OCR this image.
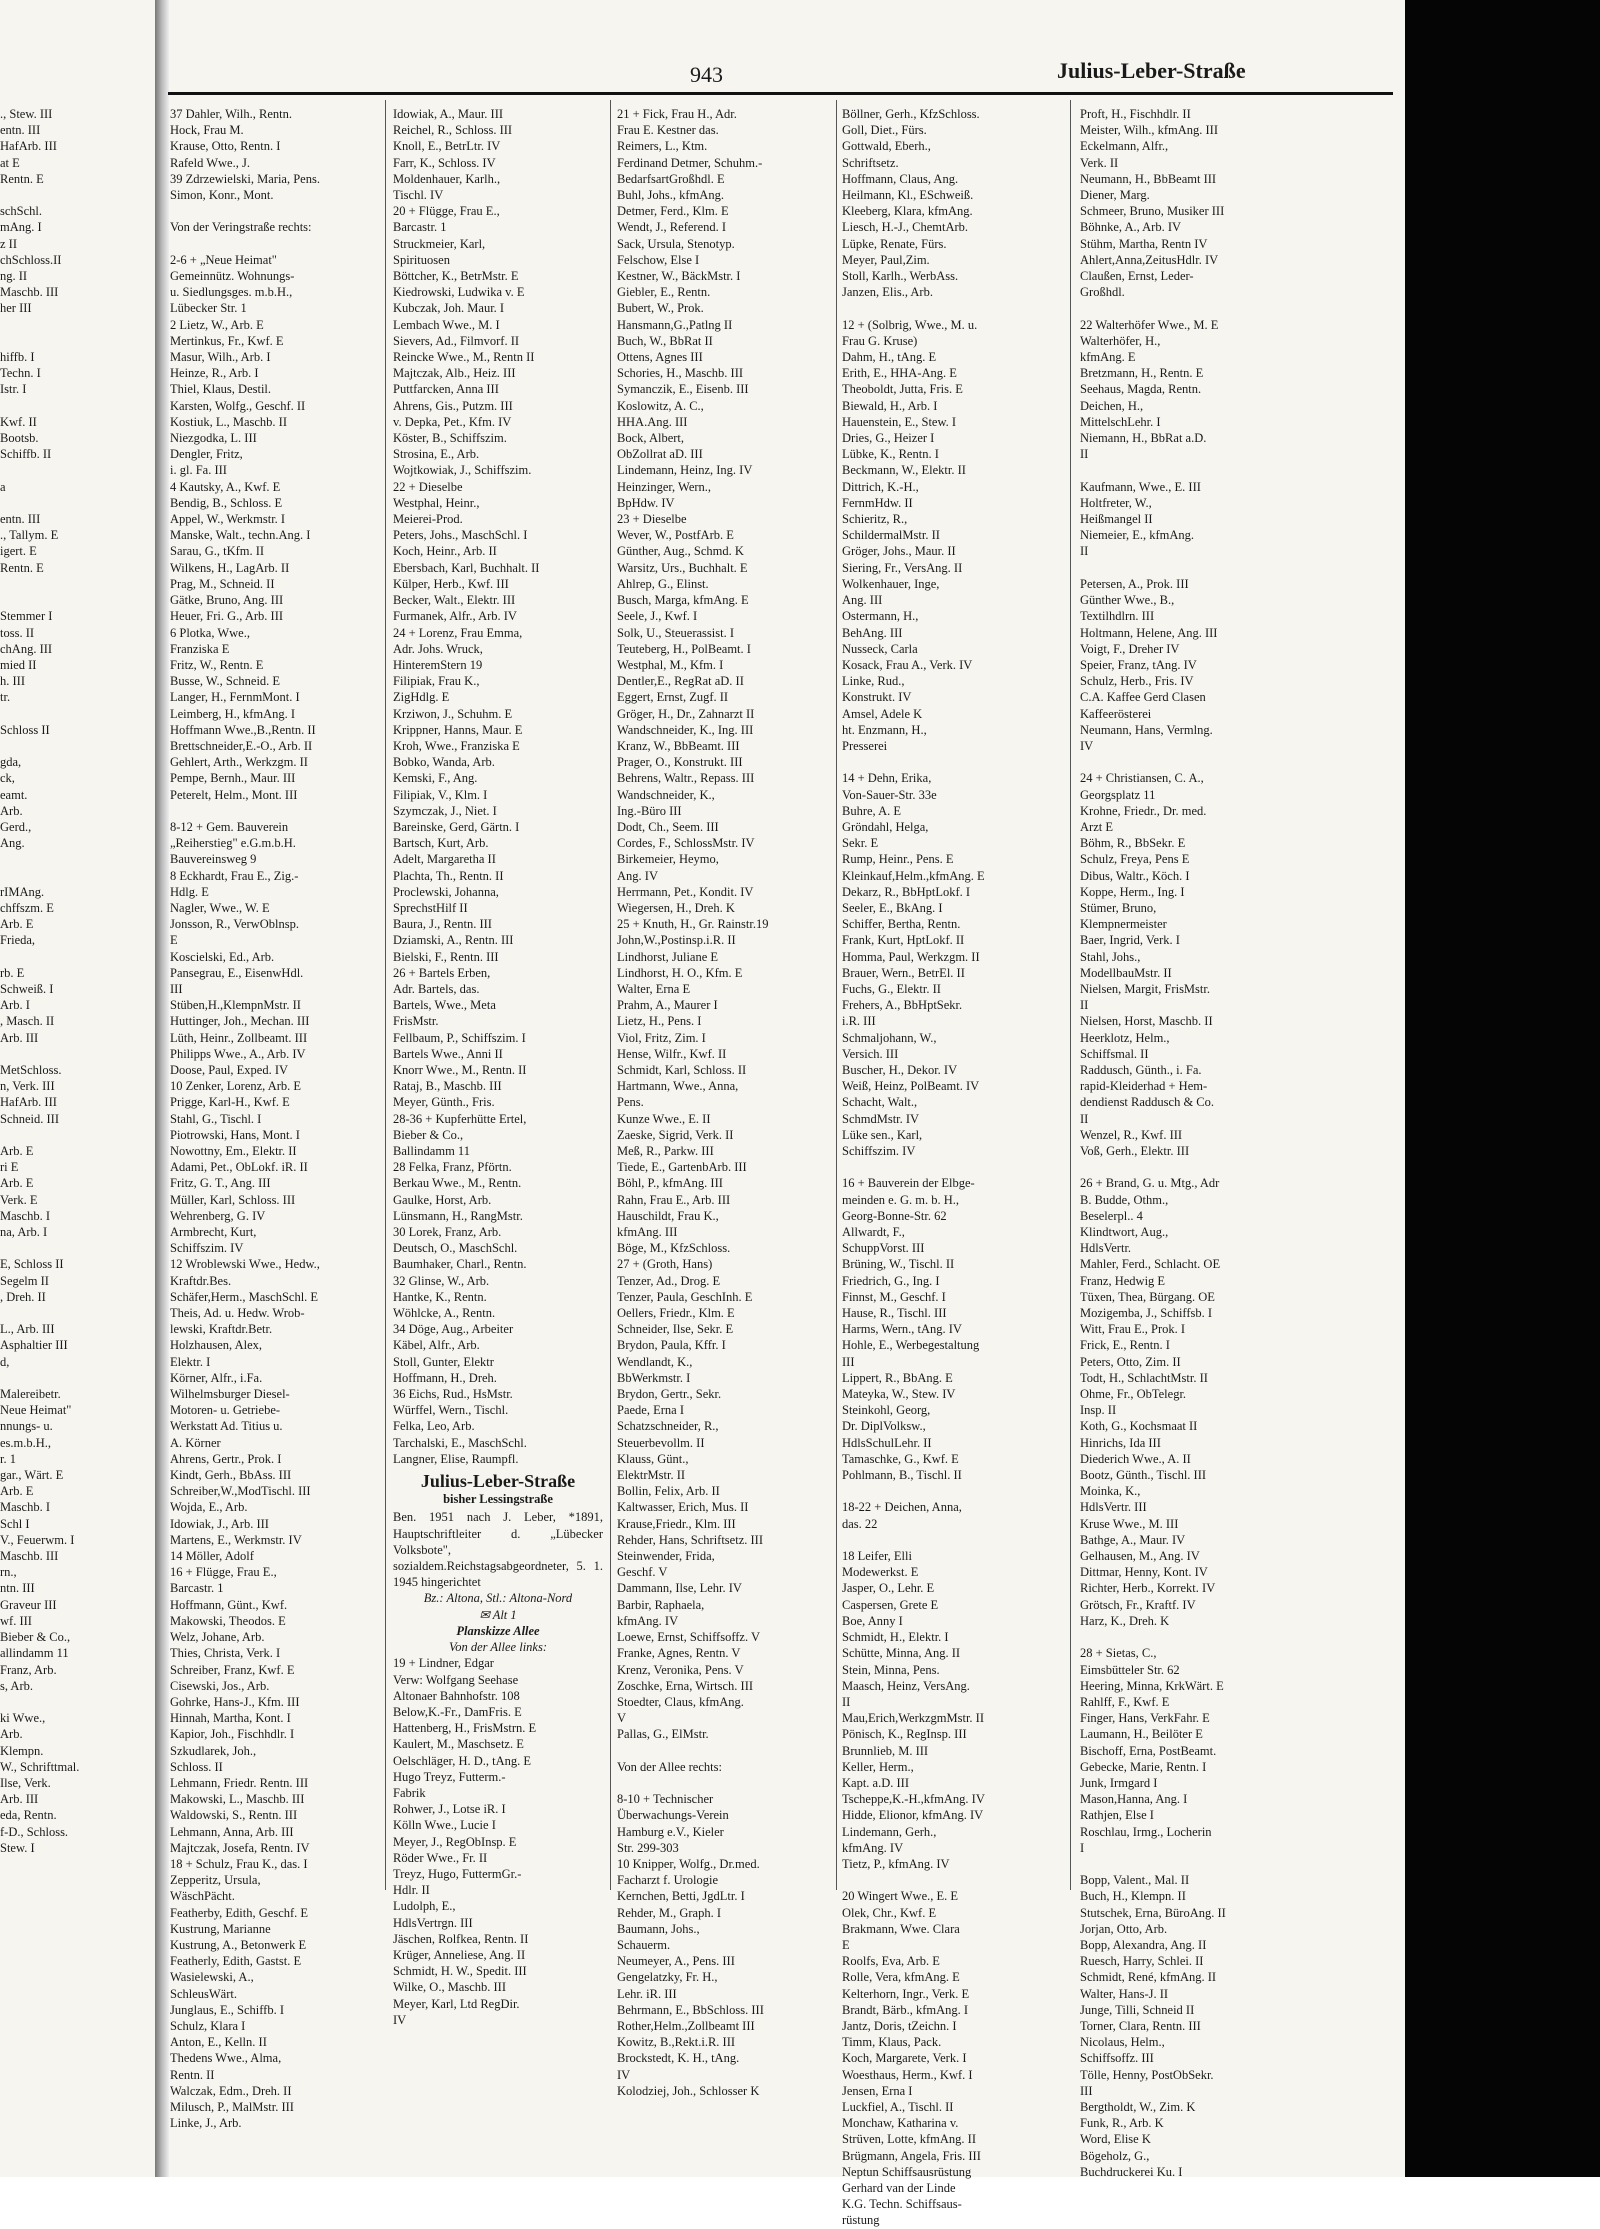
943	Julius-Leber-Straße
., Stew. III
entn. III
HafArb. III
at E
Rentn. E

schSchl.
mAng. I
z II
chSchloss.II
ng. II
Maschb. III
her III

hiffb. I
Techn. I
Istr. I

Kwf. II
Bootsb.
Schiffb. II

a

entn. III
., Tallym. E
igert. E
Rentn. E

Stemmer I
toss. II
chAng. III
mied II
h. III
tr.

Schloss II

gda,
ck,
eamt.
Arb.
Gerd.,
Ang.

rIMAng.
chffszm. E
Arb. E
Frieda,

rb. E
Schweiß. I
Arb. I
, Masch. II
Arb. III

MetSchloss.
n, Verk. III
HafArb. III
Schneid. III

Arb. E
ri E
Arb. E
Verk. E
Maschb. I
na, Arb. I

E, Schloss II
Segelm II
, Dreh. II

L., Arb. III
Asphaltier III
d,

Malereibetr.
Neue Heimat"
nnungs- u.
es.m.b.H.,
r. 1
gar., Wärt. E
Arb. E
Maschb. I
Schl I
V., Feuerwm. I
Maschb. III
rn.,
ntn. III
Graveur III
wf. III
Bieber & Co.,
allindamm 11
Franz, Arb.
s, Arb.

ki Wwe.,
Arb.
Klempn.
W., Schrifttmal.
Ilse, Verk.
Arb. III
eda, Rentn.
f-D., Schloss.
Stew. I
37 Dahler, Wilh., Rentn.
Hock, Frau M.
Krause, Otto, Rentn. I
Rafeld Wwe., J.
39 Zdrzewielski, Maria, Pens.
Simon, Konr., Mont.

Von der Veringstraße rechts:

2-6 + „Neue Heimat"
Gemeinnütz. Wohnungs-
u. Siedlungsges. m.b.H.,
Lübecker Str. 1
2 Lietz, W., Arb. E
Mertinkus, Fr., Kwf. E
Masur, Wilh., Arb. I
Heinze, R., Arb. I
Thiel, Klaus, Destil.
Karsten, Wolfg., Geschf. II
Kostiuk, L., Maschb. II
Niezgodka, L. III
Dengler, Fritz,
i. gl. Fa. III
4 Kautsky, A., Kwf. E
Bendig, B., Schloss. E
Appel, W., Werkmstr. I
Manske, Walt., techn.Ang. I
Sarau, G., tKfm. II
Wilkens, H., LagArb. II
Prag, M., Schneid. II
Gätke, Bruno, Ang. III
Heuer, Fri. G., Arb. III
6 Plotka, Wwe.,
Franziska E
Fritz, W., Rentn. E
Busse, W., Schneid. E
Langer, H., FernmMont. I
Leimberg, H., kfmAng. I
Hoffmann Wwe.,B.,Rentn. II
Brettschneider,E.-O., Arb. II
Gehlert, Arth., Werkzgm. II
Pempe, Bernh., Maur. III
Peterelt, Helm., Mont. III

8-12 + Gem. Bauverein
„Reiherstieg" e.G.m.b.H.
Bauvereinsweg 9
8 Eckhardt, Frau E., Zig.-
Hdlg. E
Nagler, Wwe., W. E
Jonsson, R., VerwOblnsp.
E
Koscielski, Ed., Arb.
Pansegrau, E., EisenwHdl.
III
Stüben,H.,KlempnMstr. II
Huttinger, Joh., Mechan. III
Lüth, Heinr., Zollbeamt. III
Philipps Wwe., A., Arb. IV
Doose, Paul, Exped. IV
10 Zenker, Lorenz, Arb. E
Prigge, Karl-H., Kwf. E
Stahl, G., Tischl. I
Piotrowski, Hans, Mont. I
Nowottny, Em., Elektr. II
Adami, Pet., ObLokf. iR. II
Fritz, G. T., Ang. III
Müller, Karl, Schloss. III
Wehrenberg, G. IV
Armbrecht, Kurt,
Schiffszim. IV
12 Wroblewski Wwe., Hedw.,
Kraftdr.Bes.
Schäfer,Herm., MaschSchl. E
Theis, Ad. u. Hedw. Wrob-
lewski, Kraftdr.Betr.
Holzhausen, Alex,
Elektr. I
Körner, Alfr., i.Fa.
Wilhelmsburger Diesel-
Motoren- u. Getriebe-
Werkstatt Ad. Titius u.
A. Körner
Ahrens, Gertr., Prok. I
Kindt, Gerh., BbAss. III
Schreiber,W.,ModTischl. III
Wojda, E., Arb.
Idowiak, J., Arb. III
Martens, E., Werkmstr. IV
14 Möller, Adolf
16 + Flügge, Frau E.,
Barcastr. 1
Hoffmann, Günt., Kwf.
Makowski, Theodos. E
Welz, Johane, Arb.
Thies, Christa, Verk. I
Schreiber, Franz, Kwf. E
Cisewski, Jos., Arb.
Gohrke, Hans-J., Kfm. III
Hinnah, Martha, Kont. I
Kapior, Joh., Fischhdlr. I
Szkudlarek, Joh.,
Schloss. II
Lehmann, Friedr. Rentn. III
Makowski, L., Maschb. III
Waldowski, S., Rentn. III
Lehmann, Anna, Arb. III
Majtczak, Josefa, Rentn. IV
18 + Schulz, Frau K., das. I
Zepperitz, Ursula,
WäschPächt.
Featherby, Edith, Geschf. E
Kustrung, Marianne
Kustrung, A., Betonwerk E
Featherly, Edith, Gastst. E
Wasielewski, A.,
SchleusWärt.
Junglaus, E., Schiffb. I
Schulz, Klara I
Anton, E., Kelln. II
Thedens Wwe., Alma,
Rentn. II
Walczak, Edm., Dreh. II
Milusch, P., MalMstr. III
Linke, J., Arb.
Idowiak, A., Maur. III
Reichel, R., Schloss. III
Knoll, E., BetrLtr. IV
Farr, K., Schloss. IV
Moldenhauer, Karlh.,
Tischl. IV
20 + Flügge, Frau E.,
Barcastr. 1
Struckmeier, Karl,
Spirituosen
Böttcher, K., BetrMstr. E
Kiedrowski, Ludwika v. E
Kubczak, Joh. Maur. I
Lembach Wwe., M. I
Sievers, Ad., Filmvorf. II
Reincke Wwe., M., Rentn II
Majtczak, Alb., Heiz. III
Puttfarcken, Anna III
Ahrens, Gis., Putzm. III
v. Depka, Pet., Kfm. IV
Köster, B., Schiffszim.
Strosina, E., Arb.
Wojtkowiak, J., Schiffszim.
22 + Dieselbe
Westphal, Heinr.,
Meierei-Prod.
Peters, Johs., MaschSchl. I
Koch, Heinr., Arb. II
Ebersbach, Karl, Buchhalt. II
Külper, Herb., Kwf. III
Becker, Walt., Elektr. III
Furmanek, Alfr., Arb. IV
24 + Lorenz, Frau Emma,
Adr. Johs. Wruck,
HinteremStern 19
Filipiak, Frau K.,
ZigHdlg. E
Krziwon, J., Schuhm. E
Krippner, Hanns, Maur. E
Kroh, Wwe., Franziska E
Bobko, Wanda, Arb.
Kemski, F., Ang.
Filipiak, V., Klm. I
Szymczak, J., Niet. I
Bareinske, Gerd, Gärtn. I
Bartsch, Kurt, Arb.
Adelt, Margaretha II
Plachta, Th., Rentn. II
Proclewski, Johanna,
SprechstHilf II
Baura, J., Rentn. III
Dziamski, A., Rentn. III
Bielski, F., Rentn. III
26 + Bartels Erben,
Adr. Bartels, das.
Bartels, Wwe., Meta
FrisMstr.
Fellbaum, P., Schiffszim. I
Bartels Wwe., Anni II
Knorr Wwe., M., Rentn. II
Rataj, B., Maschb. III
Meyer, Günth., Fris.
28-36 + Kupferhütte Ertel,
Bieber & Co.,
Ballindamm 11
28 Felka, Franz, Pförtn.
Berkau Wwe., M., Rentn.
Gaulke, Horst, Arb.
Lünsmann, H., RangMstr.
30 Lorek, Franz, Arb.
Deutsch, O., MaschSchl.
Baumhaker, Charl., Rentn.
32 Glinse, W., Arb.
Hantke, K., Rentn.
Wöhlcke, A., Rentn.
34 Döge, Aug., Arbeiter
Käbel, Alfr., Arb.
Stoll, Gunter, Elektr
Hoffmann, H., Dreh.
36 Eichs, Rud., HsMstr.
Würffel, Wern., Tischl.
Felka, Leo, Arb.
Tarchalski, E., MaschSchl.
Langner, Elise, Raumpfl.
Julius-Leber-Straße
bisher Lessingstraße
Ben. 1951 nach J. Leber, *1891, Hauptschriftleiter d. „Lübecker Volksbote", sozialdem.Reichstagsabgeordneter, 5. 1. 1945 hingerichtet
Bz.: Altona, Stl.: Altona-Nord
✉ Alt 1
Planskizze Allee
Von der Allee links:
19 + Lindner, Edgar
Verw: Wolfgang Seehase
Altonaer Bahnhofstr. 108
Below,K.-Fr., DamFris. E
Hattenberg, H., FrisMstrn. E
Kaulert, M., Maschsetz. E
Oelschläger, H. D., tAng. E
Hugo Treyz, Futterm.-
Fabrik
Rohwer, J., Lotse iR. I
Kölln Wwe., Lucie I
Meyer, J., RegObInsp. E
Röder Wwe., Fr. II
Treyz, Hugo, FuttermGr.-
Hdlr. II
Ludolph, E.,
HdlsVertrgn. III
Jäschen, Rolfkea, Rentn. II
Krüger, Anneliese, Ang. II
Schmidt, H. W., Spedit. III
Wilke, O., Maschb. III
Meyer, Karl, Ltd RegDir.
IV
21 + Fick, Frau H., Adr.
Frau E. Kestner das.
Reimers, L., Ktm.
Ferdinand Detmer, Schuhm.-
BedarfsartGroßhdl. E
Buhl, Johs., kfmAng.
Detmer, Ferd., Klm. E
Wendt, J., Referend. I
Sack, Ursula, Stenotyp.
Felschow, Else I
Kestner, W., BäckMstr. I
Giebler, E., Rentn.
Bubert, W., Prok.
Hansmann,G.,Patlng II
Buch, W., BbRat II
Ottens, Agnes III
Schories, H., Maschb. III
Symanczik, E., Eisenb. III
Koslowitz, A. C.,
HHA.Ang. III
Bock, Albert,
ObZollrat aD. III
Lindemann, Heinz, Ing. IV
Heinzinger, Wern.,
BpHdw. IV
23 + Dieselbe
Wever, W., PostfArb. E
Günther, Aug., Schmd. K
Warsitz, Urs., Buchhalt. E
Ahlrep, G., Elinst.
Busch, Marga, kfmAng. E
Seele, J., Kwf. I
Solk, U., Steuerassist. I
Teuteberg, H., PolBeamt. I
Westphal, M., Kfm. I
Dentler,E., RegRat aD. II
Eggert, Ernst, Zugf. II
Gröger, H., Dr., Zahnarzt II
Wandschneider, K., Ing. III
Kranz, W., BbBeamt. III
Prager, O., Konstrukt. III
Behrens, Waltr., Repass. III
Wandschneider, K.,
Ing.-Büro III
Dodt, Ch., Seem. III
Cordes, F., SchlossMstr. IV
Birkemeier, Heymo,
Ang. IV
Herrmann, Pet., Kondit. IV
Wiegersen, H., Dreh. K
25 + Knuth, H., Gr. Rainstr.19
John,W.,Postinsp.i.R. II
Lindhorst, Juliane E
Lindhorst, H. O., Kfm. E
Walter, Erna E
Prahm, A., Maurer I
Lietz, H., Pens. I
Viol, Fritz, Zim. I
Hense, Wilfr., Kwf. II
Schmidt, Karl, Schloss. II
Hartmann, Wwe., Anna,
Pens.
Kunze Wwe., E. II
Zaeske, Sigrid, Verk. II
Meß, R., Parkw. III
Tiede, E., GartenbArb. III
Böhl, P., kfmAng. III
Rahn, Frau E., Arb. III
Hauschildt, Frau K.,
kfmAng. III
Böge, M., KfzSchloss.
27 + (Groth, Hans)
Tenzer, Ad., Drog. E
Tenzer, Paula, GeschInh. E
Oellers, Friedr., Klm. E
Schneider, Ilse, Sekr. E
Brydon, Paula, Kffr. I
Wendlandt, K.,
BbWerkmstr. I
Brydon, Gertr., Sekr.
Paede, Erna I
Schatzschneider, R.,
Steuerbevollm. II
Klauss, Günt.,
ElektrMstr. II
Bollin, Felix, Arb. II
Kaltwasser, Erich, Mus. II
Krause,Friedr., Klm. III
Rehder, Hans, Schriftsetz. III
Steinwender, Frida,
Geschf. V
Dammann, Ilse, Lehr. IV
Barbir, Raphaela,
kfmAng. IV
Loewe, Ernst, Schiffsoffz. V
Franke, Agnes, Rentn. V
Krenz, Veronika, Pens. V
Zoschke, Erna, Wirtsch. III
Stoedter, Claus, kfmAng.
V
Pallas, G., ElMstr.

Von der Allee rechts:

8-10 + Technischer
Überwachungs-Verein
Hamburg e.V., Kieler
Str. 299-303
10 Knipper, Wolfg., Dr.med.
Facharzt f. Urologie
Kernchen, Betti, JgdLtr. I
Rehder, M., Graph. I
Baumann, Johs.,
Schauerm.
Neumeyer, A., Pens. III
Gengelatzky, Fr. H.,
Lehr. iR. III
Behrmann, E., BbSchloss. III
Rother,Helm.,Zollbeamt III
Kowitz, B.,Rekt.i.R. III
Brockstedt, K. H., tAng.
IV
Kolodziej, Joh., Schlosser K
Böllner, Gerh., KfzSchloss.
Goll, Diet., Fürs.
Gottwald, Eberh.,
Schriftsetz.
Hoffmann, Claus, Ang.
Heilmann, Kl., ESchweiß.
Kleeberg, Klara, kfmAng.
Liesch, H.-J., ChemtArb.
Lüpke, Renate, Fürs.
Meyer, Paul,Zim.
Stoll, Karlh., WerbAss.
Janzen, Elis., Arb.

12 + (Solbrig, Wwe., M. u.
Frau G. Kruse)
Dahm, H., tAng. E
Erith, E., HHA-Ang. E
Theoboldt, Jutta, Fris. E
Biewald, H., Arb. I
Hauenstein, E., Stew. I
Dries, G., Heizer I
Lübke, K., Rentn. I
Beckmann, W., Elektr. II
Dittrich, K.-H.,
FernmHdw. II
Schieritz, R.,
SchildermalMstr. II
Gröger, Johs., Maur. II
Siering, Fr., VersAng. II
Wolkenhauer, Inge,
Ang. III
Ostermann, H.,
BehAng. III
Nusseck, Carla
Kosack, Frau A., Verk. IV
Linke, Rud.,
Konstrukt. IV
Amsel, Adele K
ht. Enzmann, H.,
Presserei

14 + Dehn, Erika,
Von-Sauer-Str. 33e
Buhre, A. E
Gröndahl, Helga,
Sekr. E
Rump, Heinr., Pens. E
Kleinkauf,Helm.,kfmAng. E
Dekarz, R., BbHptLokf. I
Seeler, E., BkAng. I
Schiffer, Bertha, Rentn.
Frank, Kurt, HptLokf. II
Homma, Paul, Werkzgm. II
Brauer, Wern., BetrEl. II
Fuchs, G., Elektr. II
Frehers, A., BbHptSekr.
i.R. III
Schmaljohann, W.,
Versich. III
Buscher, H., Dekor. IV
Weiß, Heinz, PolBeamt. IV
Schacht, Walt.,
SchmdMstr. IV
Lüke sen., Karl,
Schiffszim. IV

16 + Bauverein der Elbge-
meinden e. G. m. b. H.,
Georg-Bonne-Str. 62
Allwardt, F.,
SchuppVorst. III
Brüning, W., Tischl. II
Friedrich, G., Ing. I
Finnst, M., Geschf. I
Hause, R., Tischl. III
Harms, Wern., tAng. IV
Hohle, E., Werbegestaltung
III
Lippert, R., BbAng. E
Mateyka, W., Stew. IV
Steinkohl, Georg,
Dr. DiplVolksw.,
HdlsSchulLehr. II
Tamaschke, G., Kwf. E
Pohlmann, B., Tischl. II

18-22 + Deichen, Anna,
das. 22

18 Leifer, Elli
Modewerkst. E
Jasper, O., Lehr. E
Caspersen, Grete E
Boe, Anny I
Schmidt, H., Elektr. I
Schütte, Minna, Ang. II
Stein, Minna, Pens.
Maasch, Heinz, VersAng.
II
Mau,Erich,WerkzgmMstr. II
Pönisch, K., RegInsp. III
Brunnlieb, M. III
Keller, Herm.,
Kapt. a.D. III
Tscheppe,K.-H.,kfmAng. IV
Hidde, Elionor, kfmAng. IV
Lindemann, Gerh.,
kfmAng. IV
Tietz, P., kfmAng. IV

20 Wingert Wwe., E. E
Olek, Chr., Kwf. E
Brakmann, Wwe. Clara
E
Roolfs, Eva, Arb. E
Rolle, Vera, kfmAng. E
Kelterhorn, Ingr., Verk. E
Brandt, Bärb., kfmAng. I
Jantz, Doris, tZeichn. I
Timm, Klaus, Pack.
Koch, Margarete, Verk. I
Woesthaus, Herm., Kwf. I
Jensen, Erna I
Luckfiel, A., Tischl. II
Monchaw, Katharina v.
Strüven, Lotte, kfmAng. II
Brügmann, Angela, Fris. III
Neptun Schiffsausrüstung
Gerhard van der Linde
K.G. Techn. Schiffsaus-
rüstung
Proft, H., Fischhdlr. II
Meister, Wilh., kfmAng. III
Eckelmann, Alfr.,
Verk. II
Neumann, H., BbBeamt III
Diener, Marg.
Schmeer, Bruno, Musiker III
Böhnke, A., Arb. IV
Stühm, Martha, Rentn IV
Ahlert,Anna,ZeitusHdlr. IV
Claußen, Ernst, Leder-
Großhdl.

22 Walterhöfer Wwe., M. E
Walterhöfer, H.,
kfmAng. E
Bretzmann, H., Rentn. E
Seehaus, Magda, Rentn.
Deichen, H.,
MittelschLehr. I
Niemann, H., BbRat a.D.
II

Kaufmann, Wwe., E. III
Holtfreter, W.,
Heißmangel II
Niemeier, E., kfmAng.
II

Petersen, A., Prok. III
Günther Wwe., B.,
Textilhdlrn. III
Holtmann, Helene, Ang. III
Voigt, F., Dreher IV
Speier, Franz, tAng. IV
Schulz, Herb., Fris. IV
C.A. Kaffee Gerd Clasen
Kaffeerösterei
Neumann, Hans, Vermlng.
IV

24 + Christiansen, C. A.,
Georgsplatz 11
Krohne, Friedr., Dr. med.
Arzt E
Böhm, R., BbSekr. E
Schulz, Freya, Pens E
Dibus, Waltr., Köch. I
Koppe, Herm., Ing. I
Stümer, Bruno,
Klempnermeister
Baer, Ingrid, Verk. I
Stahl, Johs.,
ModellbauMstr. II
Nielsen, Margit, FrisMstr.
II
Nielsen, Horst, Maschb. II
Heerklotz, Helm.,
Schiffsmal. II
Raddusch, Günth., i. Fa.
rapid-Kleiderhad + Hem-
dendienst Raddusch & Co.
II
Wenzel, R., Kwf. III
Voß, Gerh., Elektr. III

26 + Brand, G. u. Mtg., Adr
B. Budde, Othm.,
Beselerpl.. 4
Klindtwort, Aug.,
HdlsVertr.
Mahler, Ferd., Schlacht. OE
Franz, Hedwig E
Tüxen, Thea, Bürgang. OE
Mozigemba, J., Schiffsb. I
Witt, Frau E., Prok. I
Frick, E., Rentn. I
Peters, Otto, Zim. II
Todt, H., SchlachtMstr. II
Ohme, Fr., ObTelegr.
Insp. II
Koth, G., Kochsmaat II
Hinrichs, Ida III
Diederich Wwe., A. II
Bootz, Günth., Tischl. III
Moinka, K.,
HdlsVertr. III
Kruse Wwe., M. III
Bathge, A., Maur. IV
Gelhausen, M., Ang. IV
Dittmar, Henny, Kont. IV
Richter, Herb., Korrekt. IV
Grötsch, Fr., Kraftf. IV
Harz, K., Dreh. K

28 + Sietas, C.,
Eimsbütteler Str. 62
Heering, Minna, KrkWärt. E
Rahlff, F., Kwf. E
Finger, Hans, VerkFahr. E
Laumann, H., Beilöter E
Bischoff, Erna, PostBeamt.
Gebecke, Marie, Rentn. I
Junk, Irmgard I
Mason,Hanna, Ang. I
Rathjen, Else I
Roschlau, Irmg., Locherin
I

Bopp, Valent., Mal. II
Buch, H., Klempn. II
Stutschek, Erna, BüroAng. II
Jorjan, Otto, Arb.
Bopp, Alexandra, Ang. II
Ruesch, Harry, Schlei. II
Schmidt, René, kfmAng. II
Walter, Hans-J. II
Junge, Tilli, Schneid II
Torner, Clara, Rentn. III
Nicolaus, Helm.,
Schiffsoffz. III
Tölle, Henny, PostObSekr.
III
Bergtholdt, W., Zim. K
Funk, R., Arb. K
Word, Elise K
Bögeholz, G.,
Buchdruckerei Ku. I
